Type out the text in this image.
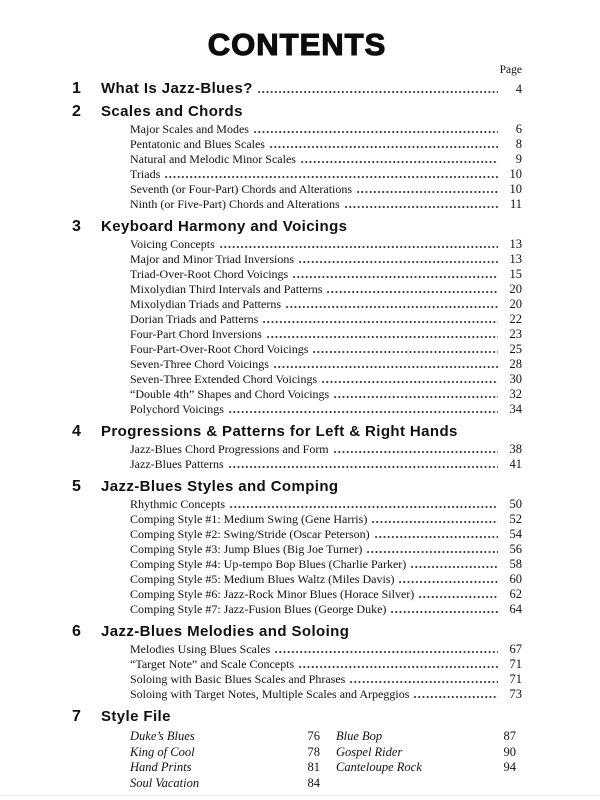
CONTENTS
Page
1	What Is Jazz-Blues?	4
2	Scales and Chords
Major Scales and Modes	6
Pentatonic and Blues Scales	8
Natural and Melodic Minor Scales	9
Triads	10
Seventh (or Four-Part) Chords and Alterations	10
Ninth (or Five-Part) Chords and Alterations	11
3	Keyboard Harmony and Voicings
Voicing Concepts	13
Major and Minor Triad Inversions	13
Triad-Over-Root Chord Voicings	15
Mixolydian Third Intervals and Patterns	20
Mixolydian Triads and Patterns	20
Dorian Triads and Patterns	22
Four-Part Chord Inversions	23
Four-Part-Over-Root Chord Voicings	25
Seven-Three Chord Voicings	28
Seven-Three Extended Chord Voicings	30
“Double 4th” Shapes and Chord Voicings	32
Polychord Voicings	34
4	Progressions & Patterns for Left & Right Hands
Jazz-Blues Chord Progressions and Form	38
Jazz-Blues Patterns	41
5	Jazz-Blues Styles and Comping
Rhythmic Concepts	50
Comping Style #1: Medium Swing (Gene Harris)	52
Comping Style #2: Swing/Stride (Oscar Peterson)	54
Comping Style #3: Jump Blues (Big Joe Turner)	56
Comping Style #4: Up-tempo Bop Blues (Charlie Parker)	58
Comping Style #5: Medium Blues Waltz (Miles Davis)	60
Comping Style #6: Jazz-Rock Minor Blues (Horace Silver)	62
Comping Style #7: Jazz-Fusion Blues (George Duke)	64
6	Jazz-Blues Melodies and Soloing
Melodies Using Blues Scales	67
“Target Note” and Scale Concepts	71
Soloing with Basic Blues Scales and Phrases	71
Soloing with Target Notes, Multiple Scales and Arpeggios	73
7	Style File
Duke’s Blues	76
King of Cool	78
Hand Prints	81
Soul Vacation	84
Blue Bop	87
Gospel Rider	90
Canteloupe Rock	94
